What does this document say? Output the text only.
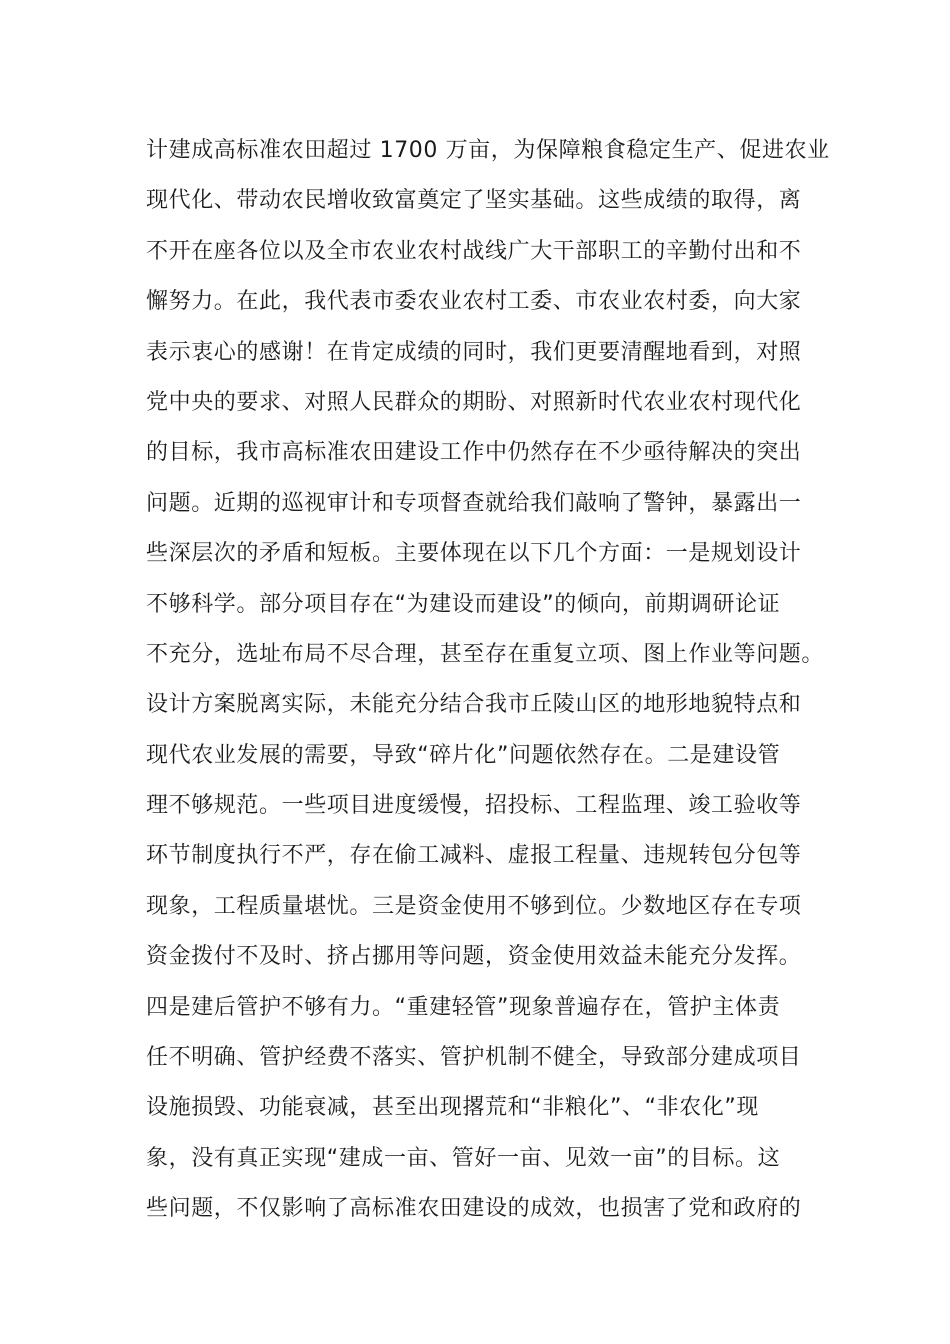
计建成高标准农田超过 1700 万亩，为保障粮食稳定生产、促进农业
现代化、带动农民增收致富奠定了坚实基础。这些成绩的取得，离
不开在座各位以及全市农业农村战线广大干部职工的辛勤付出和不
懈努力。在此，我代表市委农业农村工委、市农业农村委，向大家
表示衷心的感谢！在肯定成绩的同时，我们更要清醒地看到，对照
党中央的要求、对照人民群众的期盼、对照新时代农业农村现代化
的目标，我市高标准农田建设工作中仍然存在不少亟待解决的突出
问题。近期的巡视审计和专项督查就给我们敲响了警钟，暴露出一
些深层次的矛盾和短板。主要体现在以下几个方面：一是规划设计
不够科学。部分项目存在“为建设而建设”的倾向，前期调研论证
不充分，选址布局不尽合理，甚至存在重复立项、图上作业等问题。
设计方案脱离实际，未能充分结合我市丘陵山区的地形地貌特点和
现代农业发展的需要，导致“碎片化”问题依然存在。二是建设管
理不够规范。一些项目进度缓慢，招投标、工程监理、竣工验收等
环节制度执行不严，存在偷工减料、虚报工程量、违规转包分包等
现象，工程质量堪忧。三是资金使用不够到位。少数地区存在专项
资金拨付不及时、挤占挪用等问题，资金使用效益未能充分发挥。
四是建后管护不够有力。“重建轻管”现象普遍存在，管护主体责
任不明确、管护经费不落实、管护机制不健全，导致部分建成项目
设施损毁、功能衰减，甚至出现撂荒和“非粮化”、“非农化”现
象，没有真正实现“建成一亩、管好一亩、见效一亩”的目标。这
些问题，不仅影响了高标准农田建设的成效，也损害了党和政府的
